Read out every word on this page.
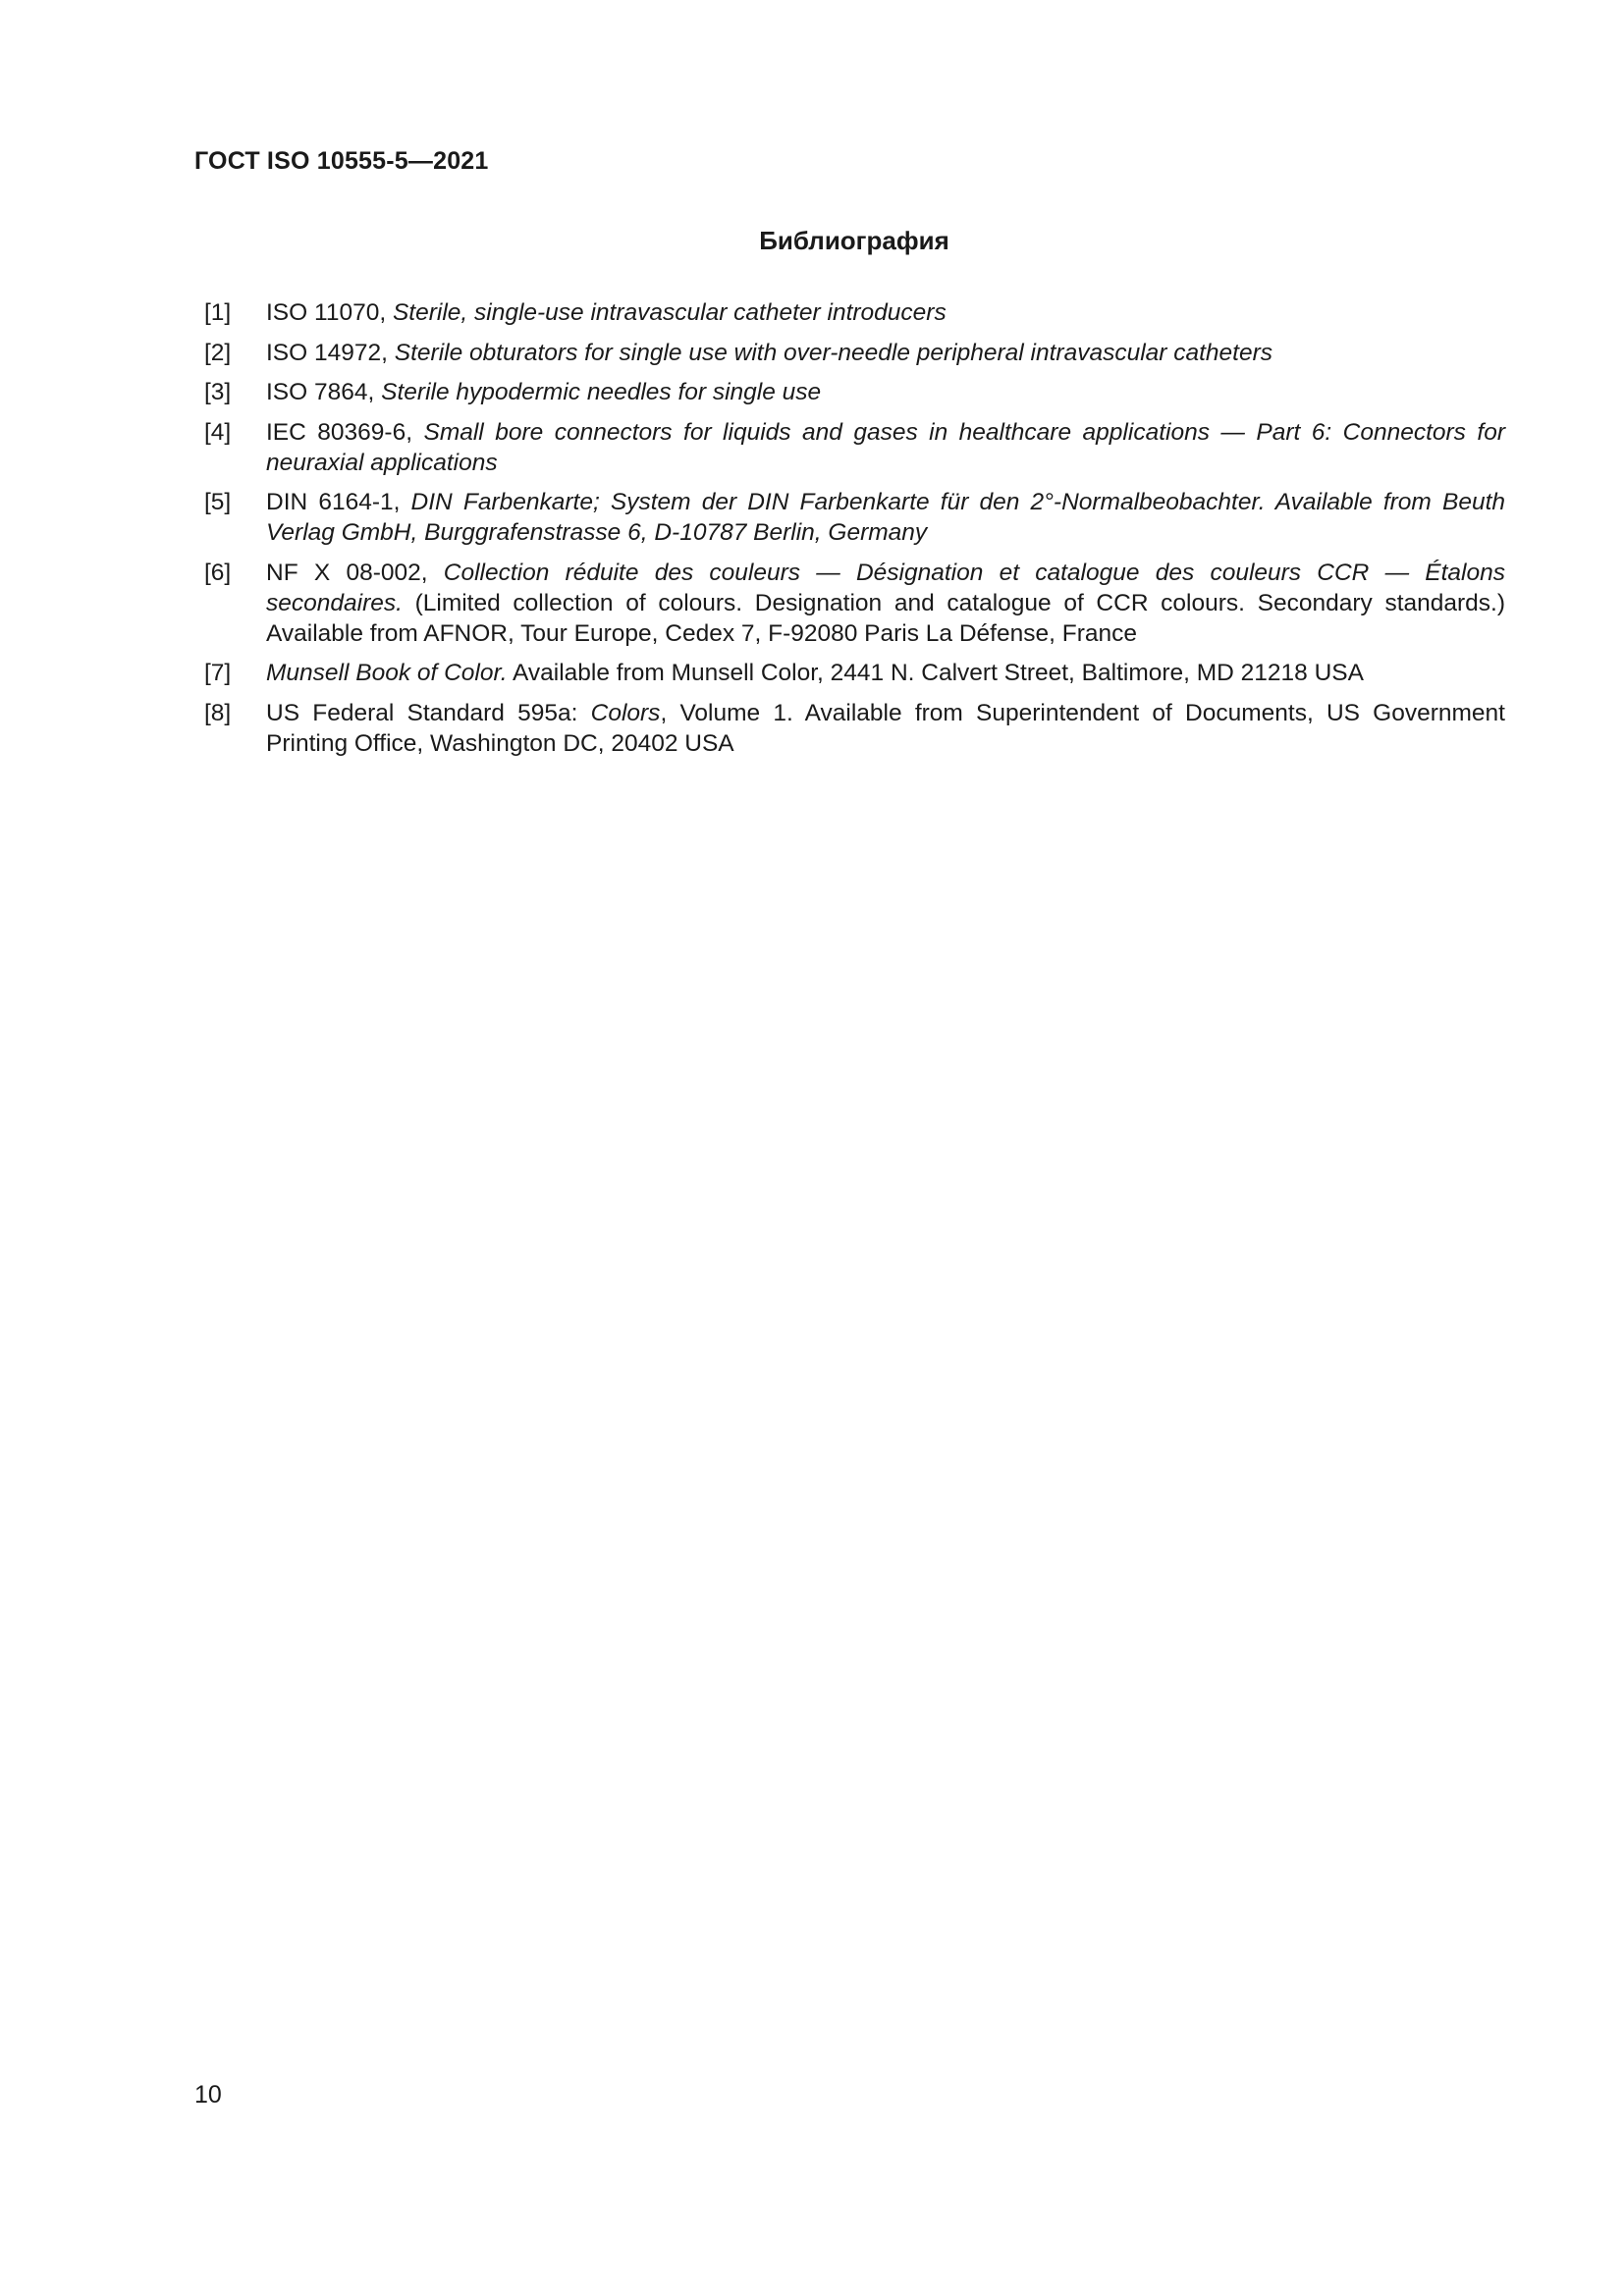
ГОСТ ISO 10555-5—2021

Библиография
[1]	ISO 11070, Sterile, single-use intravascular catheter introducers
[2]	ISO 14972, Sterile obturators for single use with over-needle peripheral intravascular catheters
[3]	ISO 7864, Sterile hypodermic needles for single use
[4]	IEC 80369-6, Small bore connectors for liquids and gases in healthcare applications — Part 6: Connectors for neuraxial applications
[5]	DIN 6164-1, DIN Farbenkarte; System der DIN Farbenkarte für den 2°-Normalbeobachter. Available from Beuth Verlag GmbH, Burggrafenstrasse 6, D-10787 Berlin, Germany
[6]	NF X 08-002, Collection réduite des couleurs — Désignation et catalogue des couleurs CCR — Étalons secondaires. (Limited collection of colours. Designation and catalogue of CCR colours. Secondary standards.) Available from AFNOR, Tour Europe, Cedex 7, F-92080 Paris La Défense, France
[7]	Munsell Book of Color. Available from Munsell Color, 2441 N. Calvert Street, Baltimore, MD 21218 USA
[8]	US Federal Standard 595a: Colors, Volume 1. Available from Superintendent of Documents, US Government Printing Office, Washington DC, 20402 USA

10
